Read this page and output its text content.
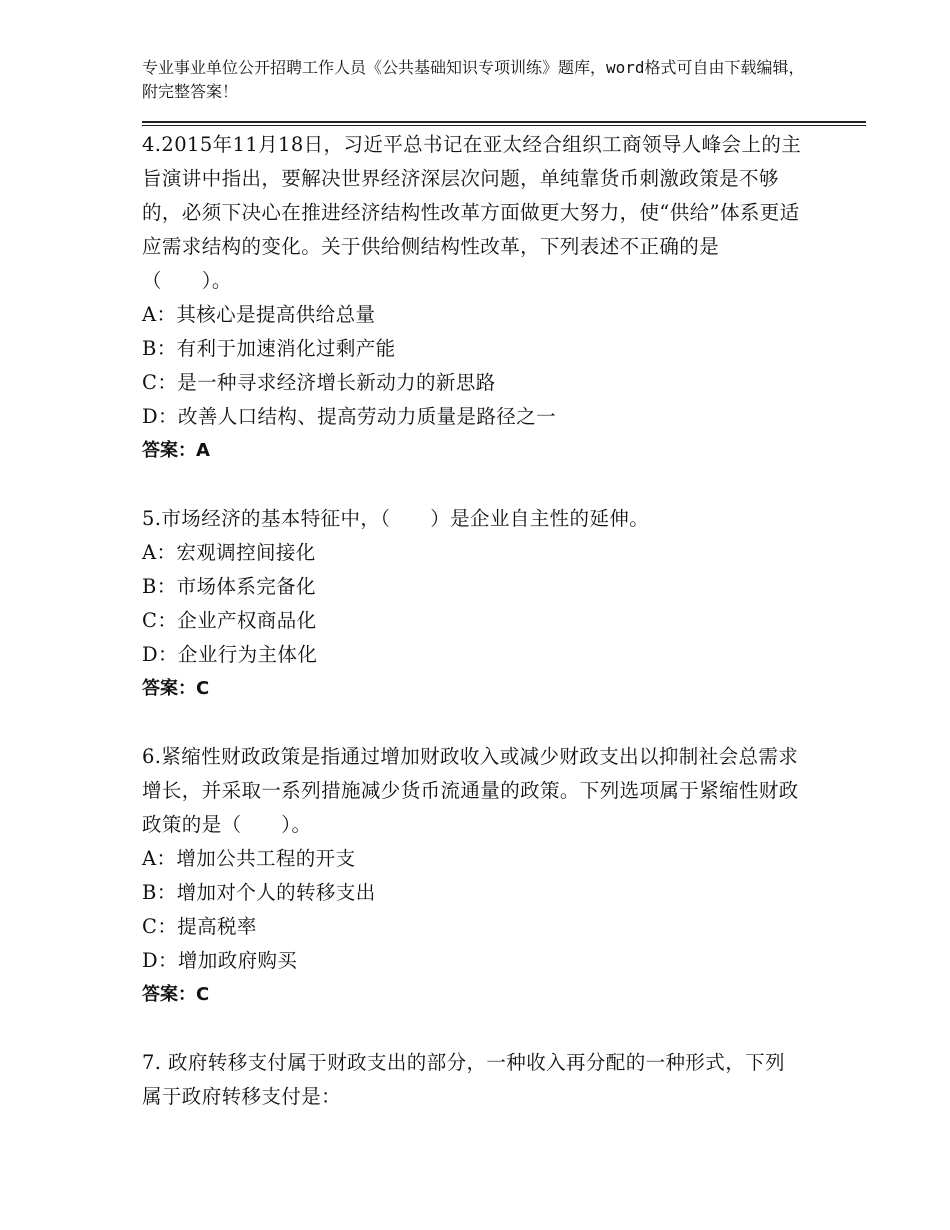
专业事业单位公开招聘工作人员《公共基础知识专项训练》题库，word格式可自由下载编辑，附完整答案！

4.2015年11月18日，习近平总书记在亚太经合组织工商领导人峰会上的主旨演讲中指出，要解决世界经济深层次问题，单纯靠货币刺激政策是不够的，必须下决心在推进经济结构性改革方面做更大努力，使“供给”体系更适应需求结构的变化。关于供给侧结构性改革，下列表述不正确的是（　　）。

A：其核心是提高供给总量

B：有利于加速消化过剩产能

C：是一种寻求经济增长新动力的新思路

D：改善人口结构、提高劳动力质量是路径之一

答案：A

5.市场经济的基本特征中，（　　）是企业自主性的延伸。

A：宏观调控间接化

B：市场体系完备化

C：企业产权商品化

D：企业行为主体化

答案：C

6.紧缩性财政政策是指通过增加财政收入或减少财政支出以抑制社会总需求增长，并采取一系列措施减少货币流通量的政策。下列选项属于紧缩性财政政策的是（　　）。

A：增加公共工程的开支

B：增加对个人的转移支出

C：提高税率

D：增加政府购买

答案：C

7. 政府转移支付属于财政支出的部分，一种收入再分配的一种形式，下列属于政府转移支付是：
